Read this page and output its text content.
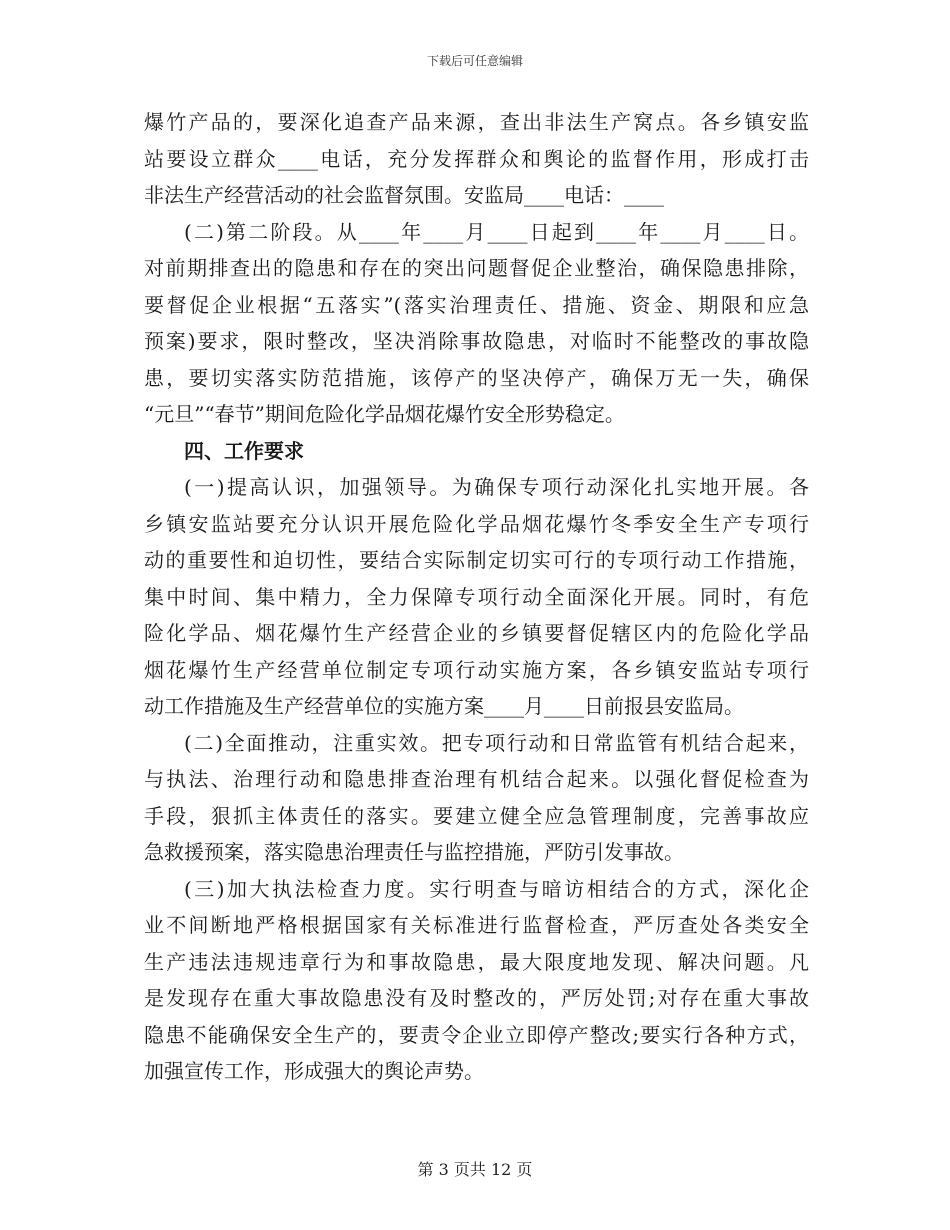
下载后可任意编辑
爆竹产品的，要深化追查产品来源，查出非法生产窝点。各乡镇安监
站要设立群众____电话，充分发挥群众和舆论的监督作用，形成打击
非法生产经营活动的社会监督氛围。安监局____电话：____
(二)第二阶段。从____年____月____日起到____年____月____日。
对前期排查出的隐患和存在的突出问题督促企业整治，确保隐患排除，
要督促企业根据“五落实”(落实治理责任、措施、资金、期限和应急
预案)要求，限时整改，坚决消除事故隐患，对临时不能整改的事故隐
患，要切实落实防范措施，该停产的坚决停产，确保万无一失，确保
“元旦”“春节”期间危险化学品烟花爆竹安全形势稳定。
四、工作要求
(一)提高认识，加强领导。为确保专项行动深化扎实地开展。各
乡镇安监站要充分认识开展危险化学品烟花爆竹冬季安全生产专项行
动的重要性和迫切性，要结合实际制定切实可行的专项行动工作措施，
集中时间、集中精力，全力保障专项行动全面深化开展。同时，有危
险化学品、烟花爆竹生产经营企业的乡镇要督促辖区内的危险化学品
烟花爆竹生产经营单位制定专项行动实施方案，各乡镇安监站专项行
动工作措施及生产经营单位的实施方案____月____日前报县安监局。
(二)全面推动，注重实效。把专项行动和日常监管有机结合起来，
与执法、治理行动和隐患排查治理有机结合起来。以强化督促检查为
手段，狠抓主体责任的落实。要建立健全应急管理制度，完善事故应
急救援预案，落实隐患治理责任与监控措施，严防引发事故。
(三)加大执法检查力度。实行明查与暗访相结合的方式，深化企
业不间断地严格根据国家有关标准进行监督检查，严厉查处各类安全
生产违法违规违章行为和事故隐患，最大限度地发现、解决问题。凡
是发现存在重大事故隐患没有及时整改的，严厉处罚;对存在重大事故
隐患不能确保安全生产的，要责令企业立即停产整改;要实行各种方式，
加强宣传工作，形成强大的舆论声势。
第 3 页共 12 页
